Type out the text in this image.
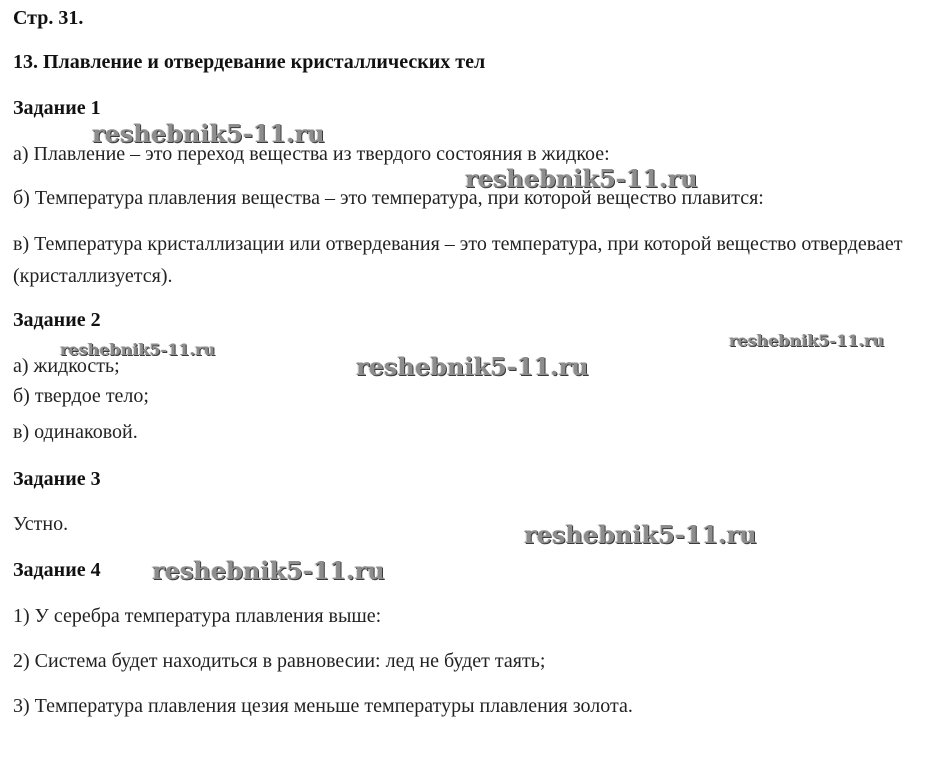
Стр. 31.
13. Плавление и отвердевание кристаллических тел
Задание 1
а) Плавление – это переход вещества из твердого состояния в жидкое:
б) Температура плавления вещества – это температура, при которой вещество плавится:
в) Температура кристаллизации или отвердевания – это температура, при которой вещество отвердевает (кристаллизуется).
Задание 2
а) жидкость;
б) твердое тело;
в) одинаковой.
Задание 3
Устно.
Задание 4
1) У серебра температура плавления выше:
2) Система будет находиться в равновесии: лед не будет таять;
3) Температура плавления цезия меньше температуры плавления золота.
reshebnik5-11.ru
reshebnik5-11.ru
reshebnik5-11.ru	reshebnik5-11.ru
reshebnik5-11.ru
reshebnik5-11.ru
reshebnik5-11.ru
